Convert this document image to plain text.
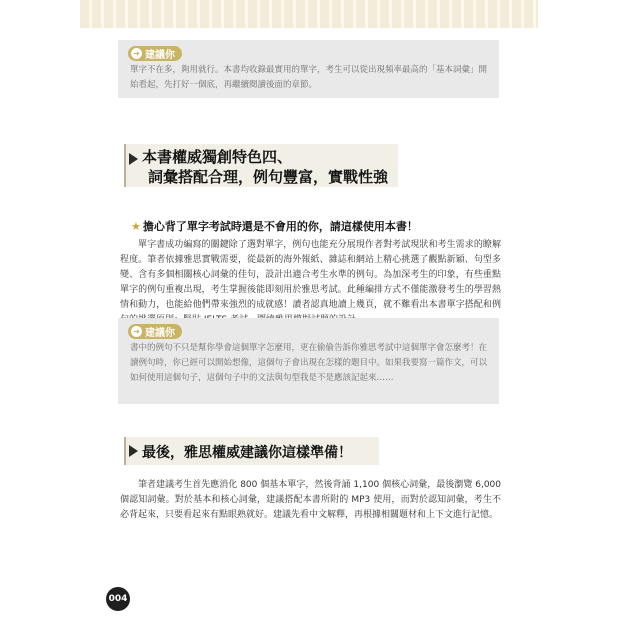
➜ 建議你
單字不在多，夠用就行。本書均收錄最實用的單字，考生可以從出現頻率最高的「基本詞彙」開始看起，先打好一個底，再繼續閱讀後面的章節。
本書權威獨創特色四、
詞彙搭配合理，例句豐富，實戰性強
★ 擔心背了單字考試時還是不會用的你，請這樣使用本書！

單字書成功編寫的關鍵除了選對單字，例句也能充分展現作者對考試現狀和考生需求的瞭解程度。筆者依據雅思實戰需要，從最新的海外報紙、雜誌和網站上精心挑選了觀點新穎、句型多變、含有多個相關核心詞彙的佳句，設計出適合考生水準的例句。為加深考生的印象，有些重點單字的例句重複出現，考生掌握後能即刻用於雅思考試。此種編排方式不僅能激發考生的學習熱情和動力，也能給他們帶來強烈的成就感！讀者認真地讀上幾頁，就不難看出本書單字搭配和例

➜ 建議你
書中的例句不只是幫你學會這個單字怎麼用，更在偷偷告訴你雅思考試中這個單字會怎麼考！在讀例句時，你已經可以開始想像，這個句子會出現在怎樣的題目中。如果我要寫一篇作文，可以如何使用這個句子，這個句子中的文法與句型我是不是應該記起來……
最後，雅思權威建議你這樣準備！

筆者建議考生首先應消化 800 個基本單字，然後背誦 1,100 個核心詞彙，最後瀏覽 6,000 個認知詞彙。對於基本和核心詞彙，建議搭配本書所附的 MP3 使用，而對於認知詞彙，考生不必背起來，只要看起來有點眼熟就好。建議先看中文解釋，再根據相關題材和上下文進行記憶。

004
